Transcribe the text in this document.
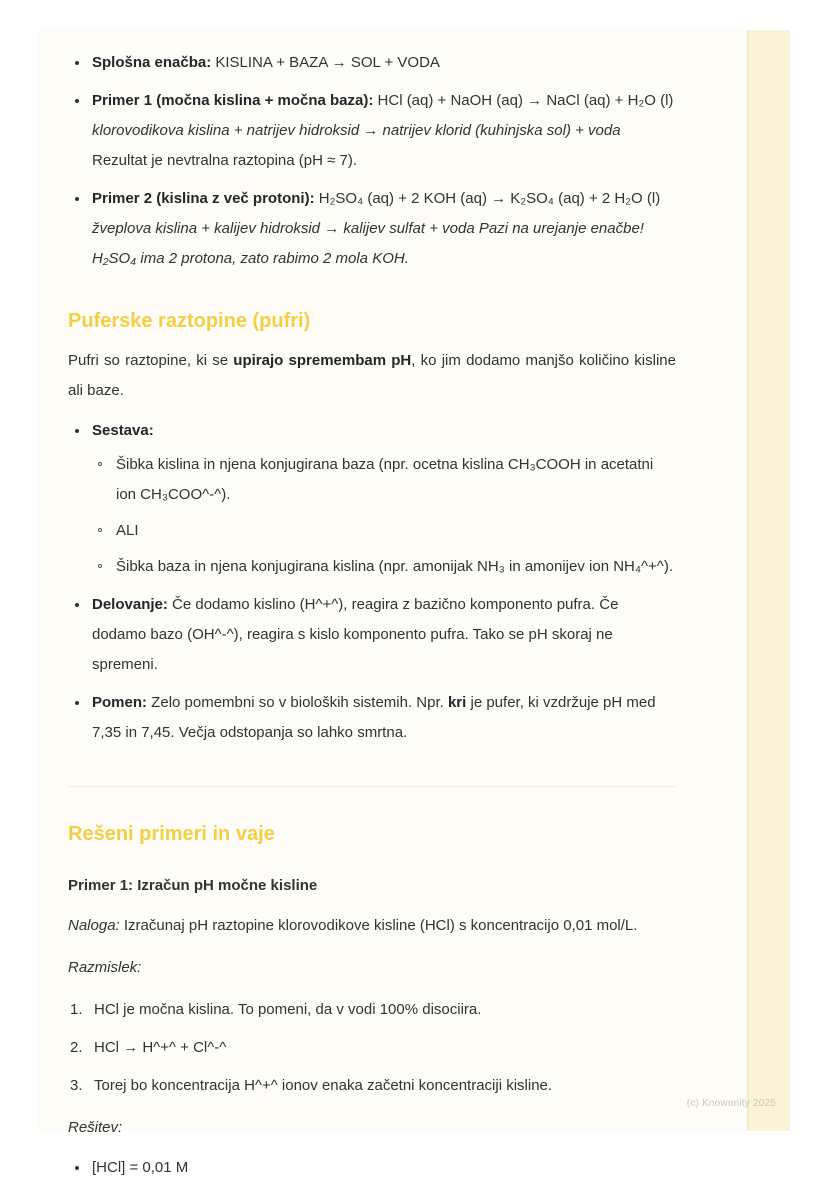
Splošna enačba: KISLINA + BAZA → SOL + VODA
Primer 1 (močna kislina + močna baza): HCl (aq) + NaOH (aq) → NaCl (aq) + H₂O (l) klorovodikova kislina + natrijev hidroksid → natrijev klorid (kuhinjska sol) + voda Rezultat je nevtralna raztopina (pH ≈ 7).
Primer 2 (kislina z več protoni): H₂SO₄ (aq) + 2 KOH (aq) → K₂SO₄ (aq) + 2 H₂O (l) žveplova kislina + kalijev hidroksid → kalijev sulfat + voda Pazi na urejanje enačbe! H₂SO₄ ima 2 protona, zato rabimo 2 mola KOH.
Puferske raztopine (pufri)

Pufri so raztopine, ki se upirajo spremembam pH, ko jim dodamo manjšo količino kisline ali baze.

Sestava:
Šibka kislina in njena konjugirana baza (npr. ocetna kislina CH₃COOH in acetatni ion CH₃COO^-^).
ALI
Šibka baza in njena konjugirana kislina (npr. amonijak NH₃ in amonijev ion NH₄^+^).
Delovanje: Če dodamo kislino (H^+^), reagira z bazično komponento pufra. Če dodamo bazo (OH^-^), reagira s kislo komponento pufra. Tako se pH skoraj ne spremeni.
Pomen: Zelo pomembni so v bioloških sistemih. Npr. kri je pufer, ki vzdržuje pH med 7,35 in 7,45. Večja odstopanja so lahko smrtna.
Rešeni primeri in vaje
Primer 1: Izračun pH močne kisline

Naloga: Izračunaj pH raztopine klorovodikove kisline (HCl) s koncentracijo 0,01 mol/L.

Razmislek:

HCl je močna kislina. To pomeni, da v vodi 100% disociira.
HCl → H^+^ + Cl^-^
Torej bo koncentracija H^+^ ionov enaka začetni koncentraciji kisline.

Rešitev:

[HCl] = 0,01 M
(c) Knowunity 2025
